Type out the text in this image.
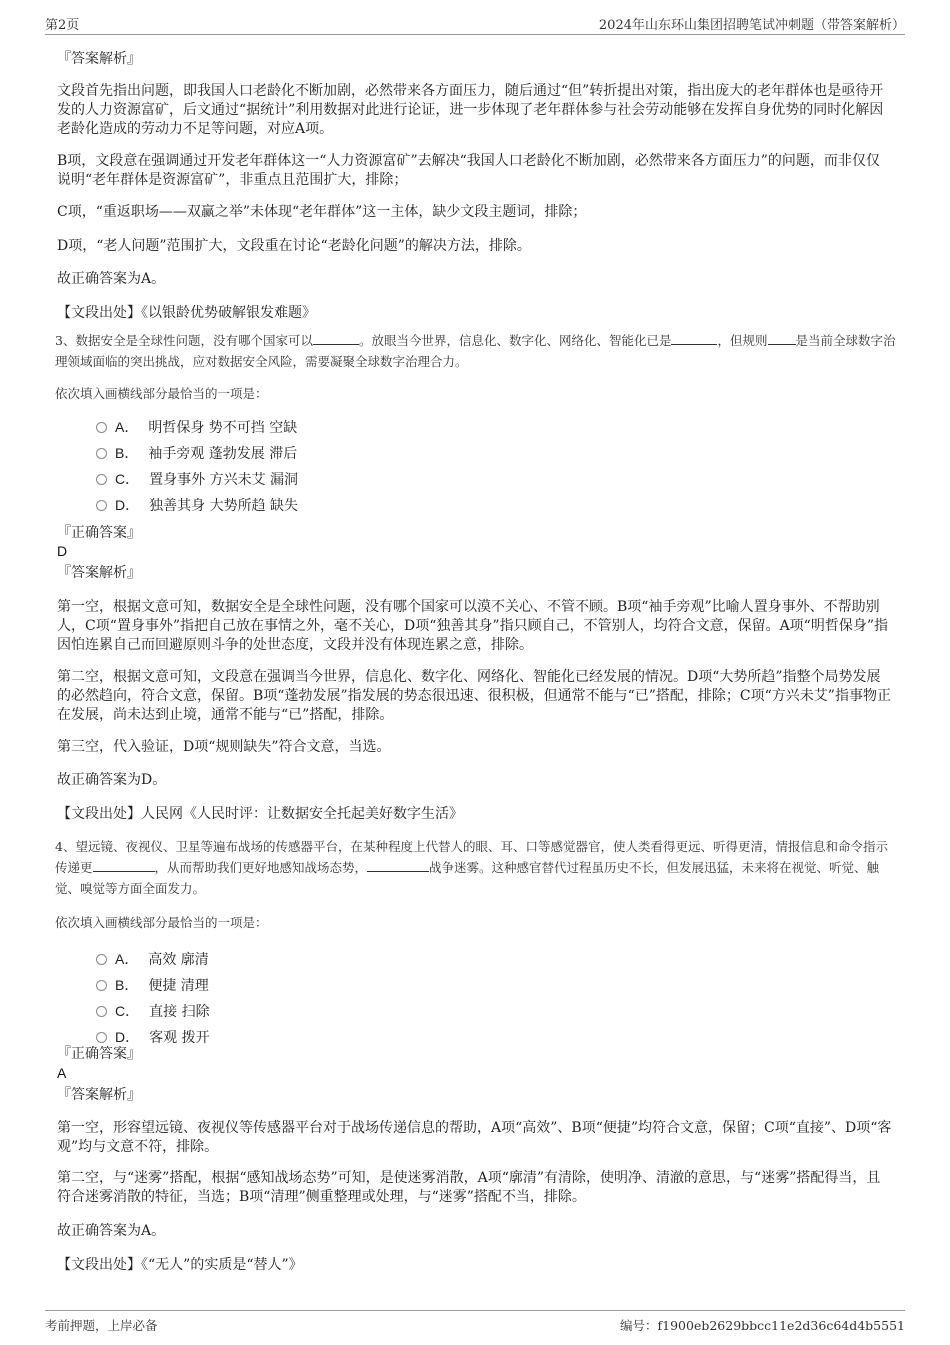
第2页	2024年山东环山集团招聘笔试冲刺题（带答案解析）
『答案解析』
文段首先指出问题，即我国人口老龄化不断加剧，必然带来各方面压力，随后通过“但”转折提出对策，指出庞大的老年群体也是亟待开发的人力资源富矿，后文通过“据统计”利用数据对此进行论证，进一步体现了老年群体参与社会劳动能够在发挥自身优势的同时化解因老龄化造成的劳动力不足等问题，对应A项。
B项，文段意在强调通过开发老年群体这一“人力资源富矿”去解决“我国人口老龄化不断加剧，必然带来各方面压力”的问题，而非仅仅说明“老年群体是资源富矿”，非重点且范围扩大，排除；
C项，“重返职场——双赢之举”未体现“老年群体”这一主体，缺少文段主题词，排除；
D项，“老人问题”范围扩大，文段重在讨论“老龄化问题”的解决方法，排除。
故正确答案为A。
【文段出处】《以银龄优势破解银发难题》
3、数据安全是全球性问题，没有哪个国家可以	。放眼当今世界，信息化、数字化、网络化、智能化已是	，但规则 是当前全球数字治理领域面临的突出挑战，应对数据安全风险，需要凝聚全球数字治理合力。
依次填入画横线部分最恰当的一项是：
A． 明哲保身 势不可挡 空缺
B． 袖手旁观 蓬勃发展 滞后
C． 置身事外 方兴未艾 漏洞
D． 独善其身 大势所趋 缺失
『正确答案』
D
『答案解析』
第一空，根据文意可知，数据安全是全球性问题，没有哪个国家可以漠不关心、不管不顾。B项“袖手旁观”比喻人置身事外、不帮助别人，C项“置身事外”指把自己放在事情之外，毫不关心，D项“独善其身”指只顾自己，不管别人，均符合文意，保留。A项“明哲保身”指因怕连累自己而回避原则斗争的处世态度，文段并没有体现连累之意，排除。
第二空，根据文意可知，文段意在强调当今世界，信息化、数字化、网络化、智能化已经发展的情况。D项“大势所趋”指整个局势发展的必然趋向，符合文意，保留。B项“蓬勃发展”指发展的势态很迅速、很积极，但通常不能与“已”搭配，排除；C项“方兴未艾”指事物正在发展，尚未达到止境，通常不能与“已”搭配，排除。
第三空，代入验证，D项“规则缺失”符合文意，当选。
故正确答案为D。
【文段出处】人民网《人民时评：让数据安全托起美好数字生活》
4、望远镜、夜视仪、卫星等遍布战场的传感器平台，在某种程度上代替人的眼、耳、口等感觉器官，使人类看得更远、听得更清，情报信息和命令指示传递更	，从而帮助我们更好地感知战场态势，	战争迷雾。这种感官替代过程虽历史不长，但发展迅猛，未来将在视觉、听觉、触觉、嗅觉等方面全面发力。
依次填入画横线部分最恰当的一项是：
A． 高效 廓清
B． 便捷 清理
C． 直接 扫除
D． 客观 拨开
『正确答案』
A
『答案解析』
第一空，形容望远镜、夜视仪等传感器平台对于战场传递信息的帮助，A项“高效”、B项“便捷”均符合文意，保留；C项“直接”、D项“客观”均与文意不符，排除。
第二空，与“迷雾”搭配，根据“感知战场态势”可知，是使迷雾消散，A项“廓清”有清除，使明净、清澈的意思，与“迷雾”搭配得当，且符合迷雾消散的特征，当选；B项“清理”侧重整理或处理，与“迷雾”搭配不当，排除。
故正确答案为A。
【文段出处】《“无人”的实质是“替人”》
考前押题，上岸必备	编号：f1900eb2629bbcc11e2d36c64d4b5551
